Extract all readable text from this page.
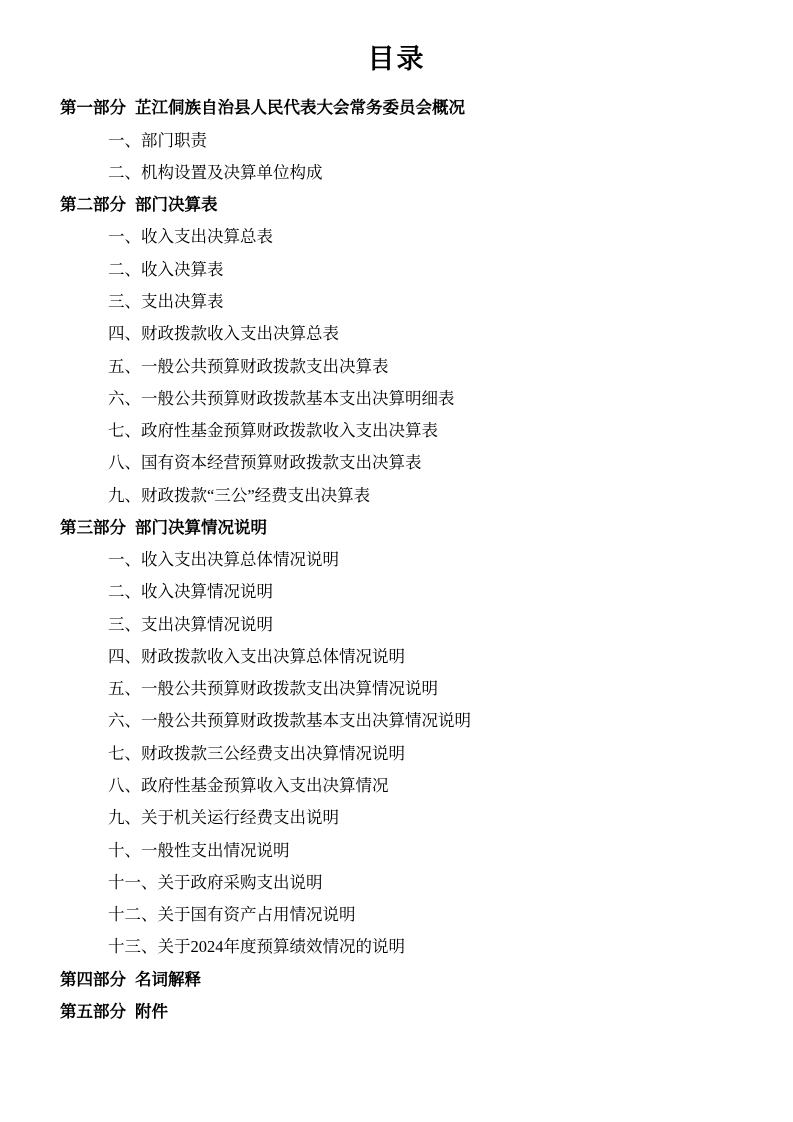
目录
第一部分 芷江侗族自治县人民代表大会常务委员会概况
一、部门职责
二、机构设置及决算单位构成
第二部分 部门决算表
一、收入支出决算总表
二、收入决算表
三、支出决算表
四、财政拨款收入支出决算总表
五、一般公共预算财政拨款支出决算表
六、一般公共预算财政拨款基本支出决算明细表
七、政府性基金预算财政拨款收入支出决算表
八、国有资本经营预算财政拨款支出决算表
九、财政拨款“三公”经费支出决算表
第三部分 部门决算情况说明
一、收入支出决算总体情况说明
二、收入决算情况说明
三、支出决算情况说明
四、财政拨款收入支出决算总体情况说明
五、一般公共预算财政拨款支出决算情况说明
六、一般公共预算财政拨款基本支出决算情况说明
七、财政拨款三公经费支出决算情况说明
八、政府性基金预算收入支出决算情况
九、关于机关运行经费支出说明
十、一般性支出情况说明
十一、关于政府采购支出说明
十二、关于国有资产占用情况说明
十三、关于2024年度预算绩效情况的说明
第四部分 名词解释
第五部分 附件
